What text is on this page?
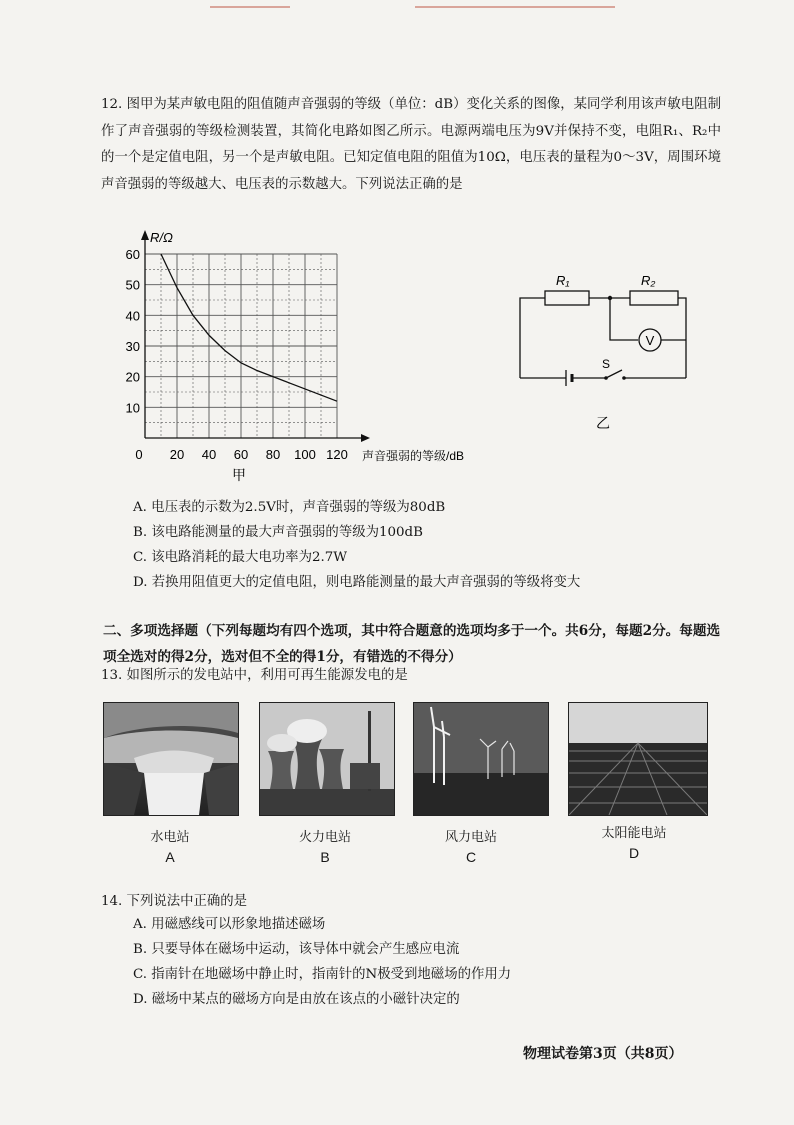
12. 图甲为某声敏电阻的阻值随声音强弱的等级（单位：dB）变化关系的图像，某同学利用该声敏电阻制作了声音强弱的等级检测装置，其简化电路如图乙所示。电源两端电压为9V并保持不变，电阻R₁、R₂中的一个是定值电阻，另一个是声敏电阻。已知定值电阻的阻值为10Ω，电压表的量程为0～3V，周围环境声音强弱的等级越大、电压表的示数越大。下列说法正确的是
20 40 60 80 100 120
10
20
30
40
50
60
R/Ω
声音强弱的等级/dB
0
甲
R₁	R₂
V
S
乙
A. 电压表的示数为2.5V时，声音强弱的等级为80dB
B. 该电路能测量的最大声音强弱的等级为100dB
C. 该电路消耗的最大电功率为2.7W
D. 若换用阻值更大的定值电阻，则电路能测量的最大声音强弱的等级将变大
二、多项选择题（下列每题均有四个选项，其中符合题意的选项均多于一个。共6分，每题2分。每题选项全选对的得2分，选对但不全的得1分，有错选的不得分）
13. 如图所示的发电站中，利用可再生能源发电的是
水电站
A
火力电站
B
风力电站
C
太阳能电站
D
14. 下列说法中正确的是
A. 用磁感线可以形象地描述磁场
B. 只要导体在磁场中运动，该导体中就会产生感应电流
C. 指南针在地磁场中静止时，指南针的N极受到地磁场的作用力
D. 磁场中某点的磁场方向是由放在该点的小磁针决定的
物理试卷第3页（共8页）
